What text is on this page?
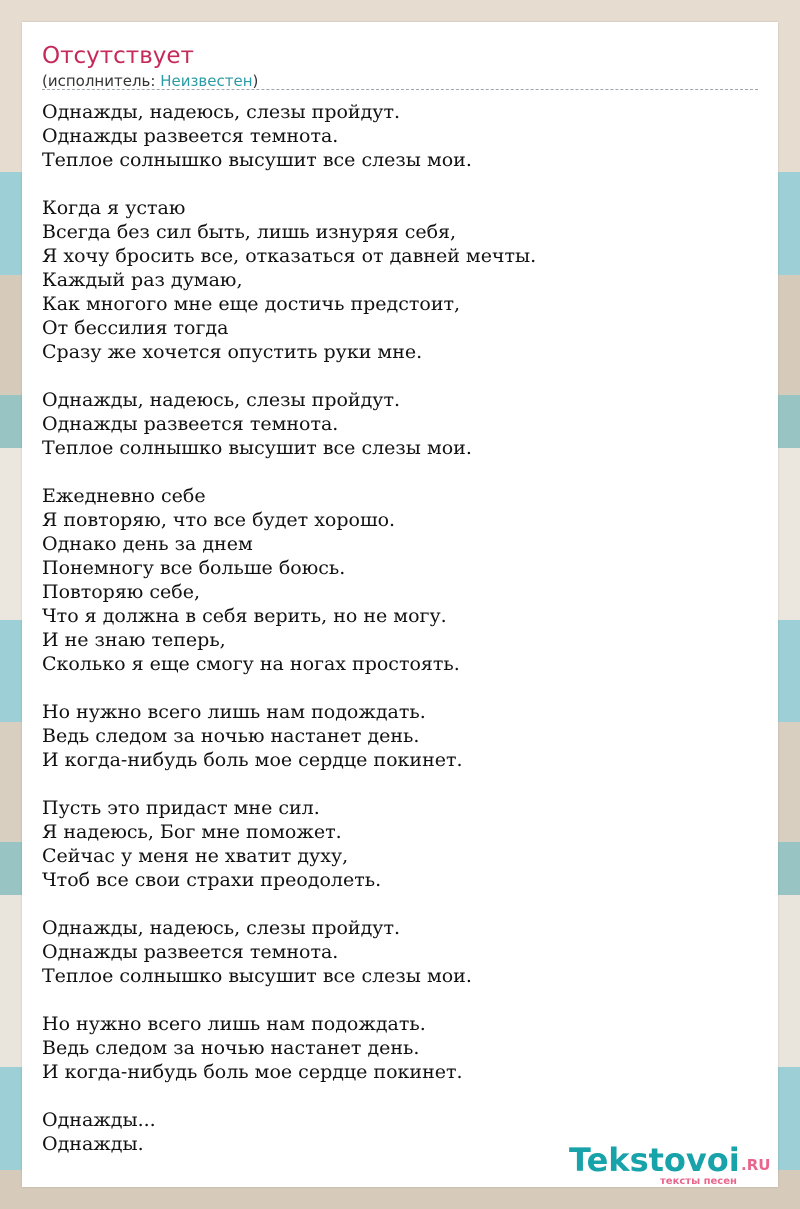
Отсутствует
(исполнитель: Неизвестен)
Однажды, надеюсь, слезы пройдут.
Однажды развеется темнота.
Теплое солнышко высушит все слезы мои.
Когда я устаю
Всегда без сил быть, лишь изнуряя себя,
Я хочу бросить все, отказаться от давней мечты.
Каждый раз думаю,
Как многого мне еще достичь предстоит,
От бессилия тогда
Сразу же хочется опустить руки мне.
Однажды, надеюсь, слезы пройдут.
Однажды развеется темнота.
Теплое солнышко высушит все слезы мои.
Ежедневно себе
Я повторяю, что все будет хорошо.
Однако день за днем
Понемногу все больше боюсь.
Повторяю себе,
Что я должна в себя верить, но не могу.
И не знаю теперь,
Сколько я еще смогу на ногах простоять.
Но нужно всего лишь нам подождать.
Ведь следом за ночью настанет день.
И когда-нибудь боль мое сердце покинет.
Пусть это придаст мне сил.
Я надеюсь, Бог мне поможет.
Сейчас у меня не хватит духу,
Чтоб все свои страхи преодолеть.
Однажды, надеюсь, слезы пройдут.
Однажды развеется темнота.
Теплое солнышко высушит все слезы мои.
Но нужно всего лишь нам подождать.
Ведь следом за ночью настанет день.
И когда-нибудь боль мое сердце покинет.
Однажды...
Однажды.	Tekstovoi .RU
тексты песен
